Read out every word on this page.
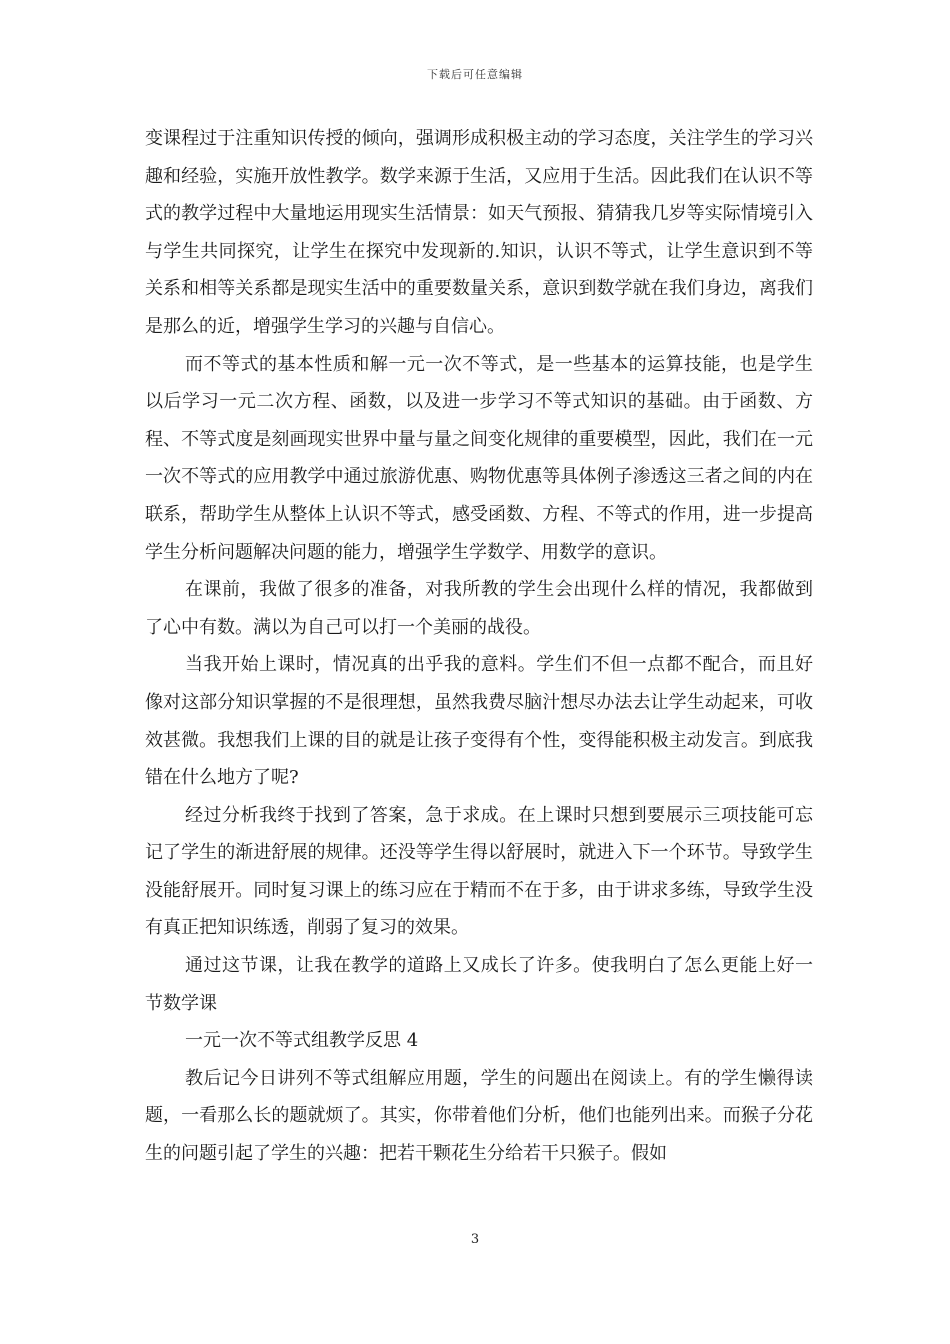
下载后可任意编辑

变课程过于注重知识传授的倾向，强调形成积极主动的学习态度，关注学生的学习兴趣和经验，实施开放性教学。数学来源于生活，又应用于生活。因此我们在认识不等式的教学过程中大量地运用现实生活情景：如天气预报、猜猜我几岁等实际情境引入与学生共同探究，让学生在探究中发现新的.知识，认识不等式，让学生意识到不等关系和相等关系都是现实生活中的重要数量关系，意识到数学就在我们身边，离我们是那么的近，增强学生学习的兴趣与自信心。

而不等式的基本性质和解一元一次不等式，是一些基本的运算技能，也是学生以后学习一元二次方程、函数，以及进一步学习不等式知识的基础。由于函数、方程、不等式度是刻画现实世界中量与量之间变化规律的重要模型，因此，我们在一元一次不等式的应用教学中通过旅游优惠、购物优惠等具体例子渗透这三者之间的内在联系，帮助学生从整体上认识不等式，感受函数、方程、不等式的作用，进一步提高学生分析问题解决问题的能力，增强学生学数学、用数学的意识。

在课前，我做了很多的准备，对我所教的学生会出现什么样的情况，我都做到了心中有数。满以为自己可以打一个美丽的战役。

当我开始上课时，情况真的出乎我的意料。学生们不但一点都不配合，而且好像对这部分知识掌握的不是很理想，虽然我费尽脑汁想尽办法去让学生动起来，可收效甚微。我想我们上课的目的就是让孩子变得有个性，变得能积极主动发言。到底我错在什么地方了呢?

经过分析我终于找到了答案，急于求成。在上课时只想到要展示三项技能可忘记了学生的渐进舒展的规律。还没等学生得以舒展时，就进入下一个环节。导致学生没能舒展开。同时复习课上的练习应在于精而不在于多，由于讲求多练，导致学生没有真正把知识练透，削弱了复习的效果。

通过这节课，让我在教学的道路上又成长了许多。使我明白了怎么更能上好一节数学课

一元一次不等式组教学反思 4

教后记今日讲列不等式组解应用题，学生的问题出在阅读上。有的学生懒得读题，一看那么长的题就烦了。其实，你带着他们分析，他们也能列出来。而猴子分花生的问题引起了学生的兴趣：把若干颗花生分给若干只猴子。假如

3
